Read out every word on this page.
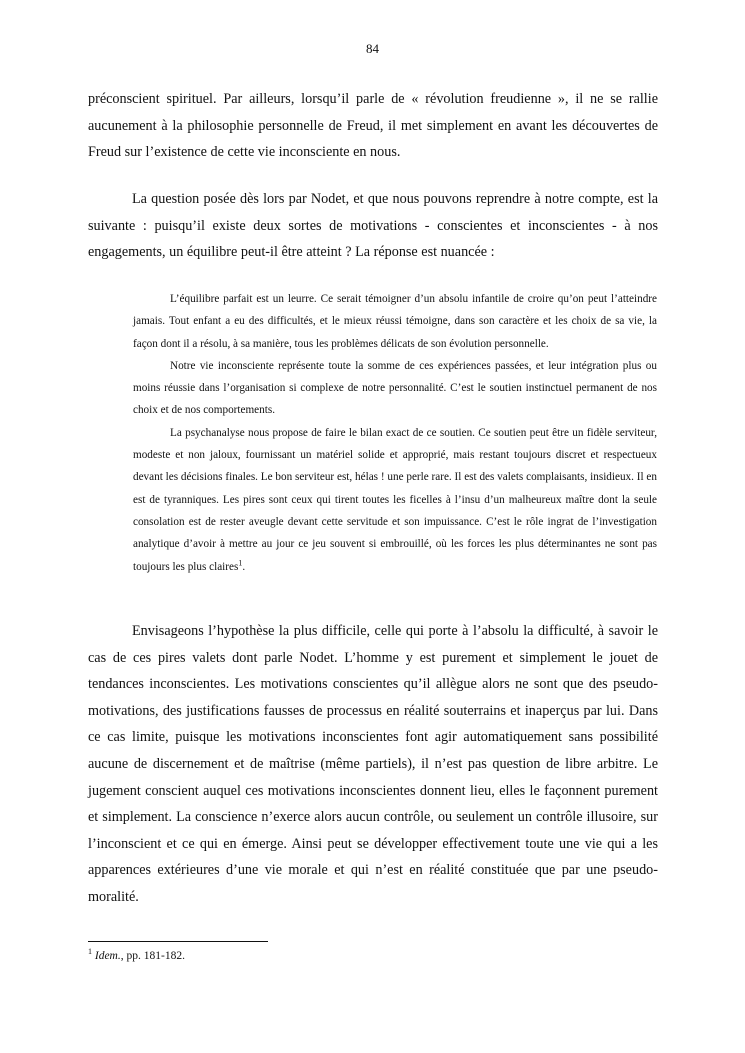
84

préconscient spirituel. Par ailleurs, lorsqu’il parle de « révolution freudienne », il ne se rallie aucunement à la philosophie personnelle de Freud, il met simplement en avant les découvertes de Freud sur l’existence de cette vie inconsciente en nous.

La question posée dès lors par Nodet, et que nous pouvons reprendre à notre compte, est la suivante : puisqu’il existe deux sortes de motivations - conscientes et inconscientes - à nos engagements, un équilibre peut-il être atteint ? La réponse est nuancée :

L’équilibre parfait est un leurre. Ce serait témoigner d’un absolu infantile de croire qu’on peut l’atteindre jamais. Tout enfant a eu des difficultés, et le mieux réussi témoigne, dans son caractère et les choix de sa vie, la façon dont il a résolu, à sa manière, tous les problèmes délicats de son évolution personnelle.

Notre vie inconsciente représente toute la somme de ces expériences passées, et leur intégration plus ou moins réussie dans l’organisation si complexe de notre personnalité. C’est le soutien instinctuel permanent de nos choix et de nos comportements.

La psychanalyse nous propose de faire le bilan exact de ce soutien. Ce soutien peut être un fidèle serviteur, modeste et non jaloux, fournissant un matériel solide et approprié, mais restant toujours discret et respectueux devant les décisions finales. Le bon serviteur est, hélas ! une perle rare. Il est des valets complaisants, insidieux. Il en est de tyranniques. Les pires sont ceux qui tirent toutes les ficelles à l’insu d’un malheureux maître dont la seule consolation est de rester aveugle devant cette servitude et son impuissance. C’est le rôle ingrat de l’investigation analytique d’avoir à mettre au jour ce jeu souvent si embrouillé, où les forces les plus déterminantes ne sont pas toujours les plus claires$^1$.

Envisageons l’hypothèse la plus difficile, celle qui porte à l’absolu la difficulté, à savoir le cas de ces pires valets dont parle Nodet. L’homme y est purement et simplement le jouet de tendances inconscientes. Les motivations conscientes qu’il allègue alors ne sont que des pseudo-motivations, des justifications fausses de processus en réalité souterrains et inaperçus par lui. Dans ce cas limite, puisque les motivations inconscientes font agir automatiquement sans possibilité aucune de discernement et de maîtrise (même partiels), il n’est pas question de libre arbitre. Le jugement conscient auquel ces motivations inconscientes donnent lieu, elles le façonnent purement et simplement. La conscience n’exerce alors aucun contrôle, ou seulement un contrôle illusoire, sur l’inconscient et ce qui en émerge. Ainsi peut se développer effectivement toute une vie qui a les apparences extérieures d’une vie morale et qui n’est en réalité constituée que par une pseudo-moralité.

$^1$ Idem., pp. 181-182.
